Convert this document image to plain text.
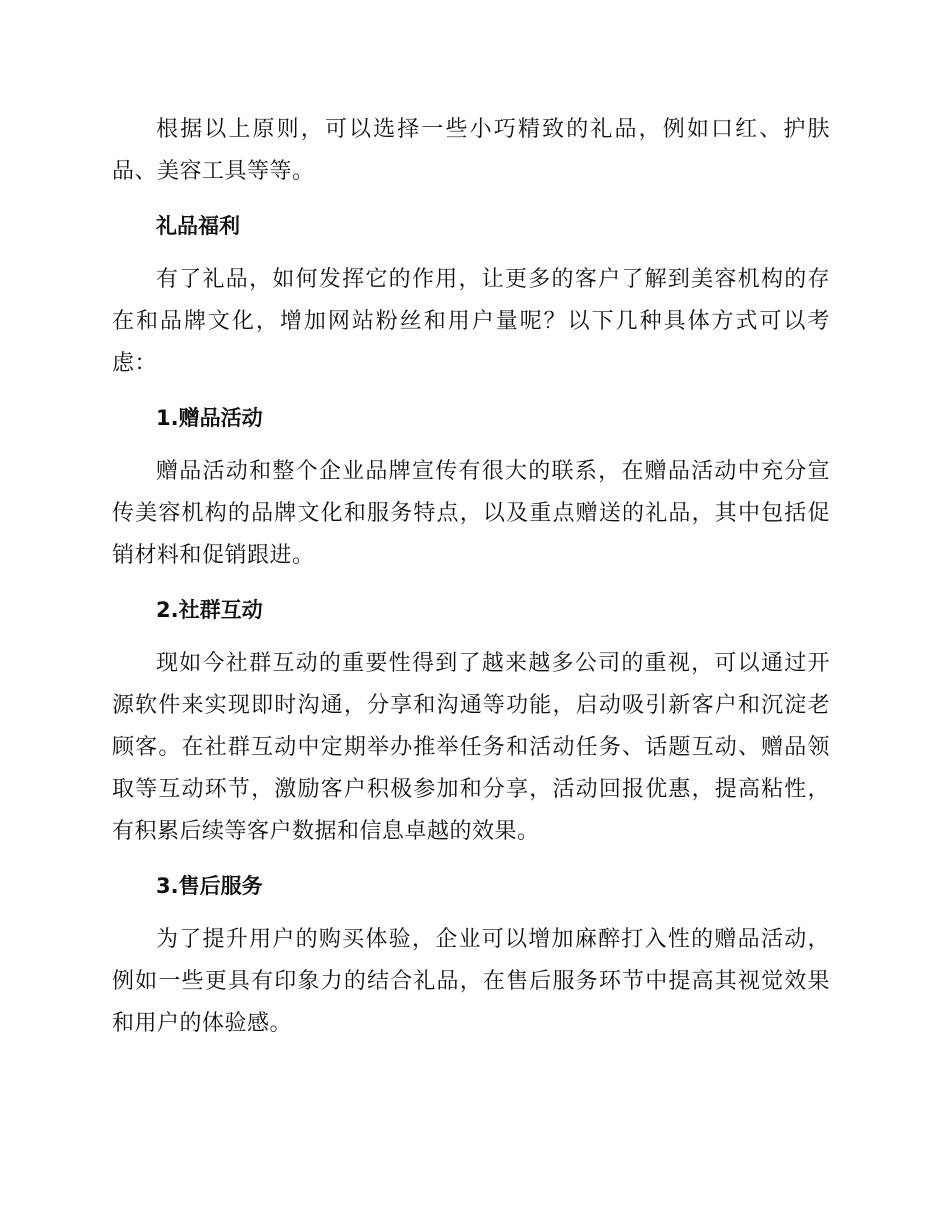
根据以上原则，可以选择一些小巧精致的礼品，例如口红、护肤品、美容工具等等。

礼品福利

有了礼品，如何发挥它的作用，让更多的客户了解到美容机构的存在和品牌文化，增加网站粉丝和用户量呢？以下几种具体方式可以考虑：

1.赠品活动

赠品活动和整个企业品牌宣传有很大的联系，在赠品活动中充分宣传美容机构的品牌文化和服务特点，以及重点赠送的礼品，其中包括促销材料和促销跟进。

2.社群互动

现如今社群互动的重要性得到了越来越多公司的重视，可以通过开源软件来实现即时沟通，分享和沟通等功能，启动吸引新客户和沉淀老顾客。在社群互动中定期举办推举任务和活动任务、话题互动、赠品领取等互动环节，激励客户积极参加和分享，活动回报优惠，提高粘性，有积累后续等客户数据和信息卓越的效果。

3.售后服务

为了提升用户的购买体验，企业可以增加麻醉打入性的赠品活动，例如一些更具有印象力的结合礼品，在售后服务环节中提高其视觉效果和用户的体验感。
